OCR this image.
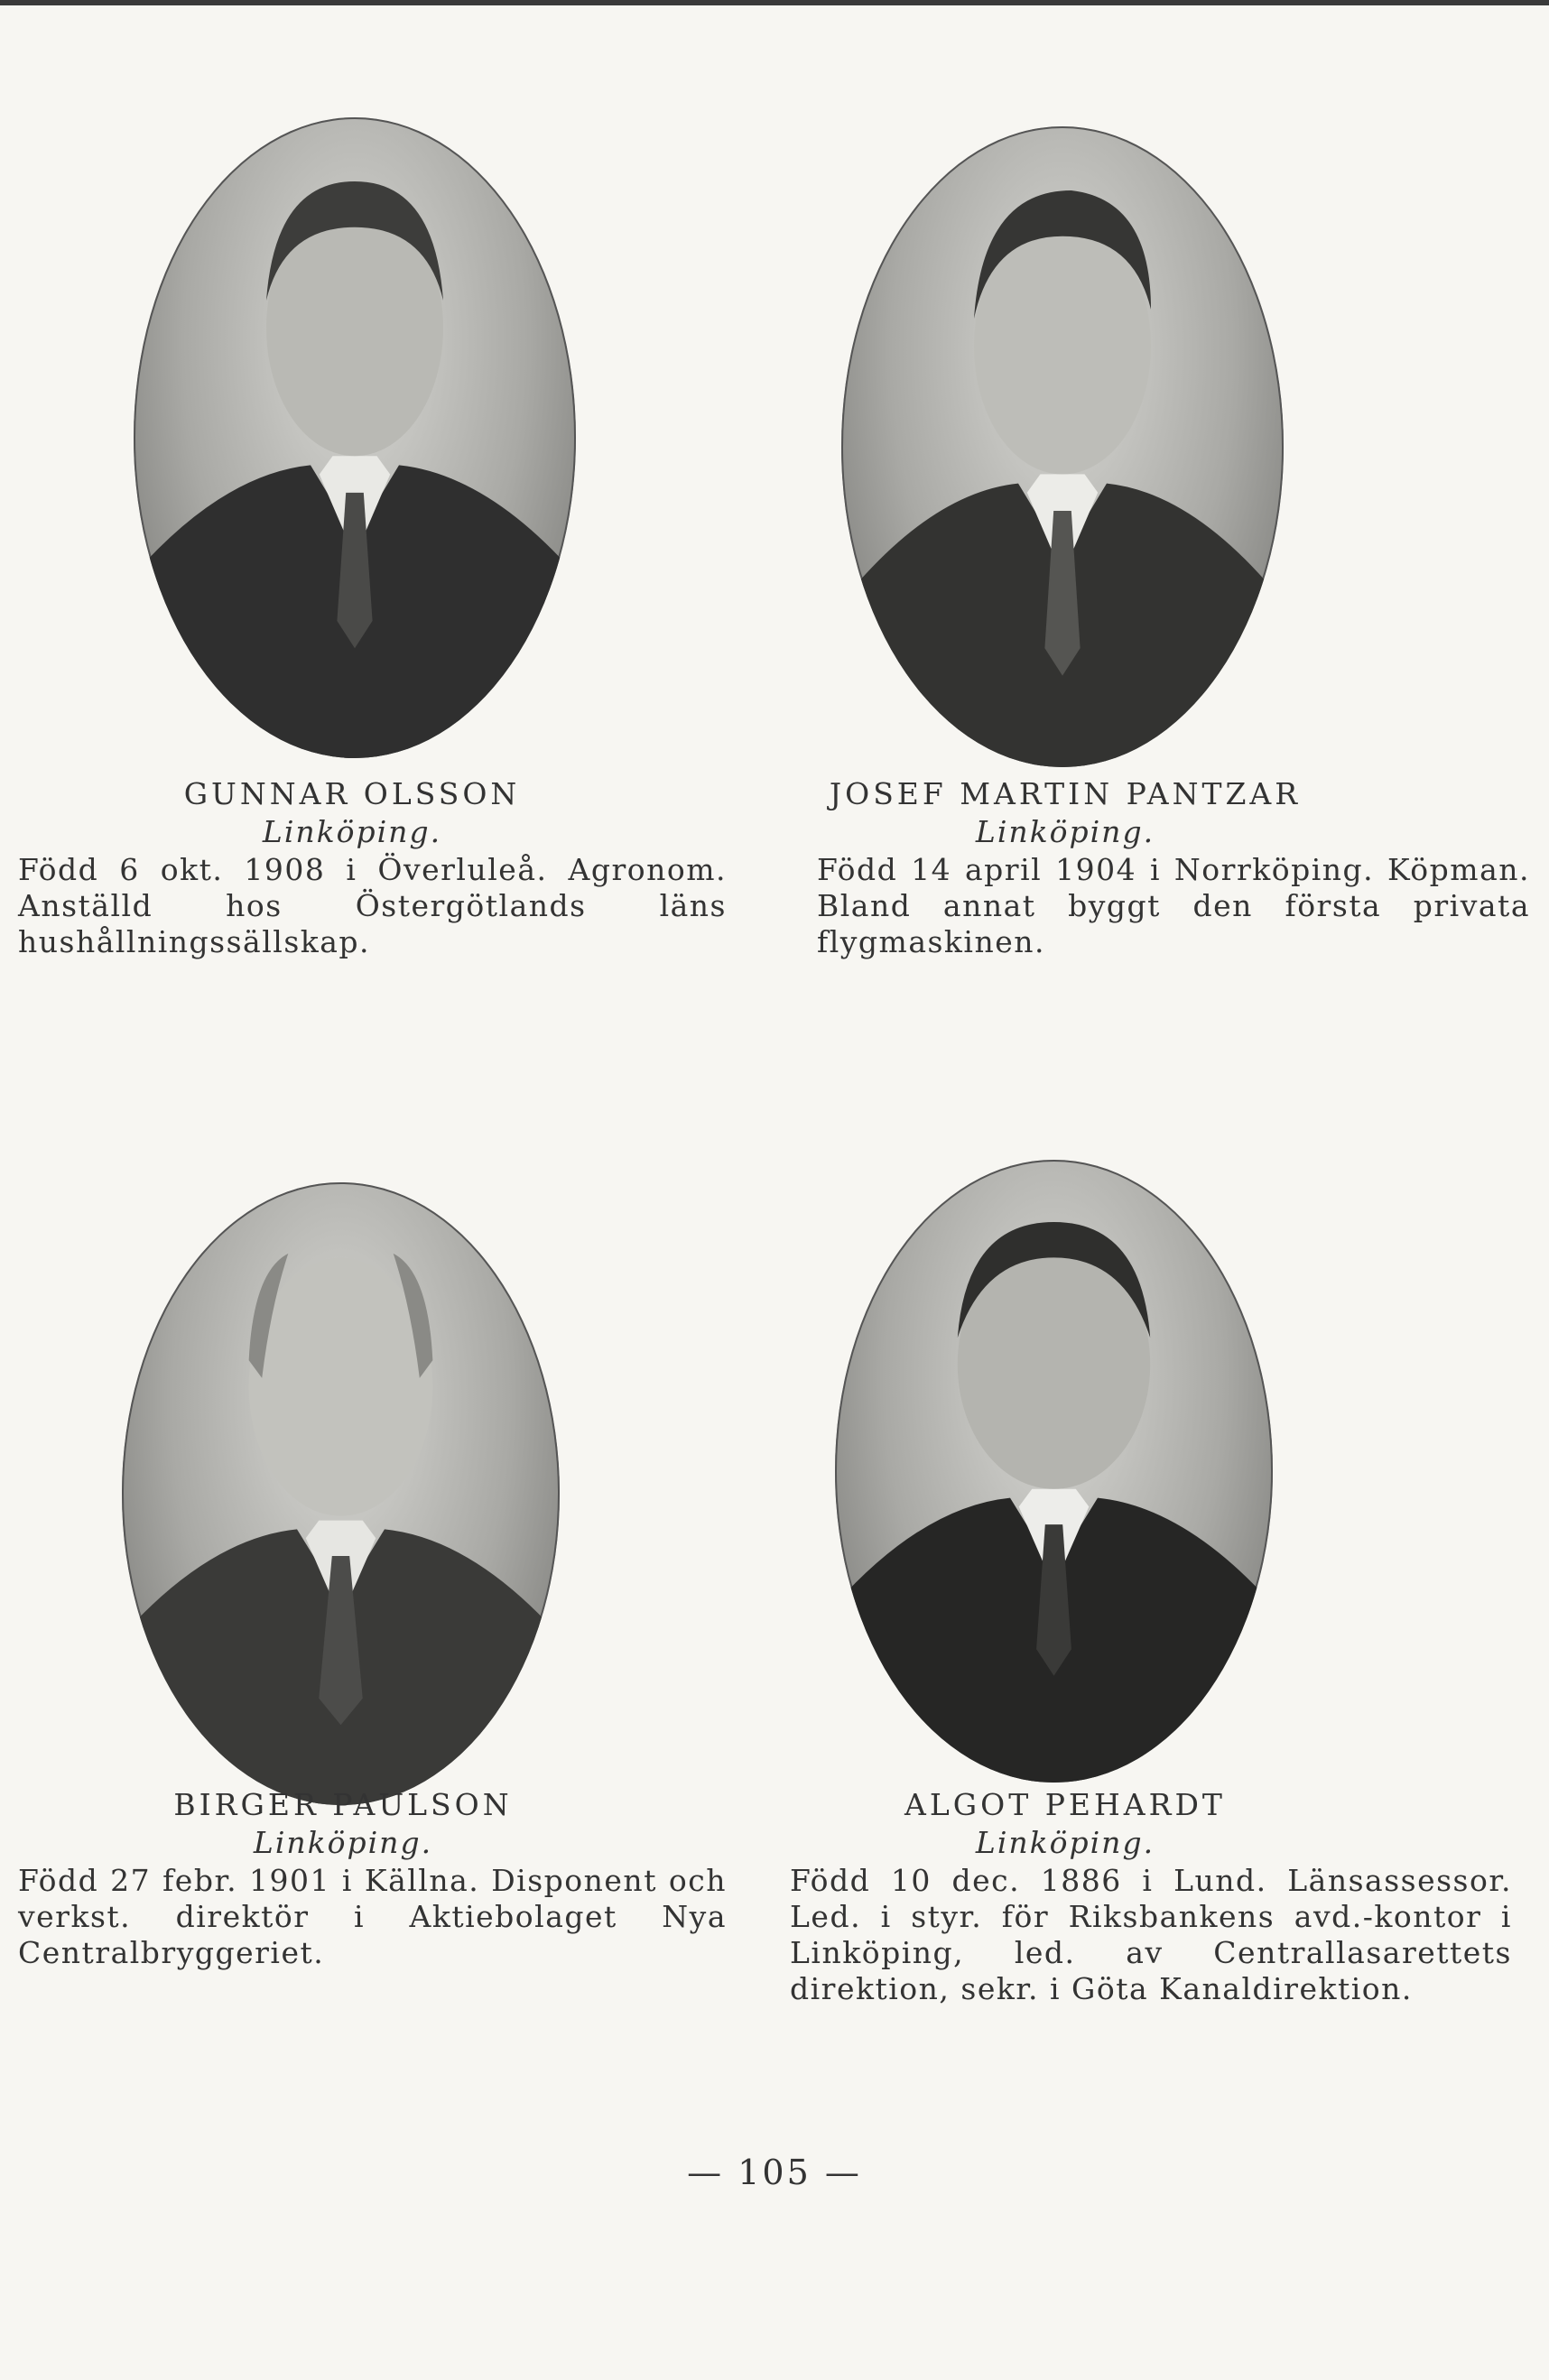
GUNNAR OLSSON
Linköping.
Född 6 okt. 1908 i Överluleå. Agronom. Anställd hos Östergötlands läns hushållningssällskap.
JOSEF MARTIN PANTZAR
Linköping.
Född 14 april 1904 i Norrköping. Köpman. Bland annat byggt den första privata flygmaskinen.
BIRGER PAULSON
Linköping.
Född 27 febr. 1901 i Källna. Disponent och verkst. direktör i Aktiebolaget Nya Centralbryggeriet.
ALGOT PEHARDT
Linköping.
Född 10 dec. 1886 i Lund. Länsassessor. Led. i styr. för Riksbankens avd.-kontor i Linköping, led. av Centrallasarettets direktion, sekr. i Göta Kanaldirektion.
— 105 —
